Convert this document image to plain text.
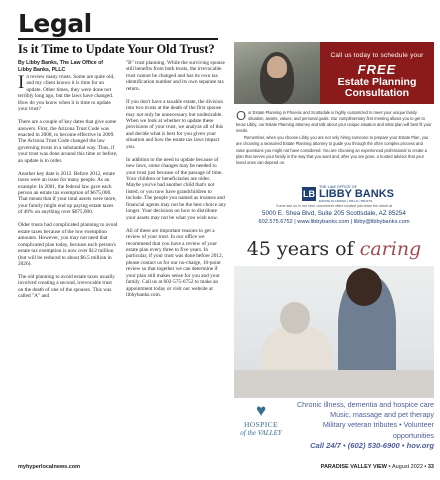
Legal
Is it Time to Update Your Old Trust?
By Libby Banks, The Law Office of Libby Banks, PLLC

In review many trusts. Some are quite old, and my client knows it is time for an update. Other times, they were done not terribly long ago, but the laws have changed. How do you know when it is time to update your trust?

There are a couple of key dates that give some answers. First, the Arizona Trust Code was enacted in 2008, to become effective in 2009. The Arizona Trust Code changed the law governing trusts in a substantial way. Thus, if your trust was done around this time or before, an update is in order.

Another key date is 2012. Before 2012, estate taxes were an issue for many people. As an example: In 2001, the federal law gave each person an estate tax exemption of $675,000. That meant that if your total assets were more, your family might end up paying estate taxes of 40% on anything over $675,000.

Older trusts had complicated planning to avoid estate taxes because of the low exemption amounts. However, you may not need that complicated plan today, because each person's estate tax exemption is now over $12 million (but will be reduced to about $6.5 million in 2026).

The old planning to avoid estate taxes usually involved creating a second, irrevocable trust on the death of one of the spouses. This was called "A" and

"B" trust planning. While the surviving spouse still benefits from both trusts, the irrevocable trust cannot be changed and has its own tax identification number and its own separate tax return.

If you don't have a taxable estate, the division into two trusts at the death of the first spouse may not only be unnecessary but undesirable. When we look at whether to update these provisions of your trust, we analyze all of this and decide what is best for you given your situation and how the estate tax laws impact you.

In addition to the need to update because of new laws, some changes may be needed to your trust just because of the passage of time. Your children or beneficiaries are older. Maybe you've had another child that's not listed, or you now have grandchildren to include. The people you named as trustees and financial agents may not be the best choice any longer. Your decisions on how to distribute your assets may not be what you wish now.

All of these are important reasons to get a review of your trust. In our office we recommend that you have a review of your estate plan every three to five years. In particular, if your trust was done before 2012, please contact us for our no-charge, 10-point review so that together we can determine if your plan still makes sense for you and your family. Call us at 602-575-6752 to make an appointment today or visit our website at libbybanks.com.

Call us today to schedule your
FREE
Estate Planning
Consultation

Our Estate Planning in Phoenix and Scottsdale is highly customized to meet your unique family situation, assets, values, and personal goals. Our complimentary first meeting allows you to get to know Libby, our Estate Planning attorney and talk about your unique situation and what plan will best fit your needs.

Remember, when you choose Libby you are not only hiring someone to prepare your Estate Plan, you are choosing a seasoned Estate Planning attorney to guide you through the often complex process and raise questions you might not have considered. You are choosing an experienced professional to create a plan that serves your family in the way that you want and, after you are gone, a trusted advisor that your loved ones can depend on.

LB
THE LAW OFFICE OF
LIBBY BANKS
ESTATE PLANNING | WILLS | TRUSTS
Come see us in our new, convenient office located just down the street at
5000 E. Shea Blvd, Suite 205 Scottsdale, AZ 85254
602.575.6752 | www.libbybanks.com | libby@libbybanks.com
45 years of caring
♥
HOSPICE
of the VALLEY
Chronic illness, dementia and hospice care
Music, massage and pet therapy
Military veteran tributes • Volunteer opportunities
Call 24/7 • (602) 530-6900 • hov.org
myhyperlocalnews.com	PARADISE VALLEY VIEW • August 2022 • 33
